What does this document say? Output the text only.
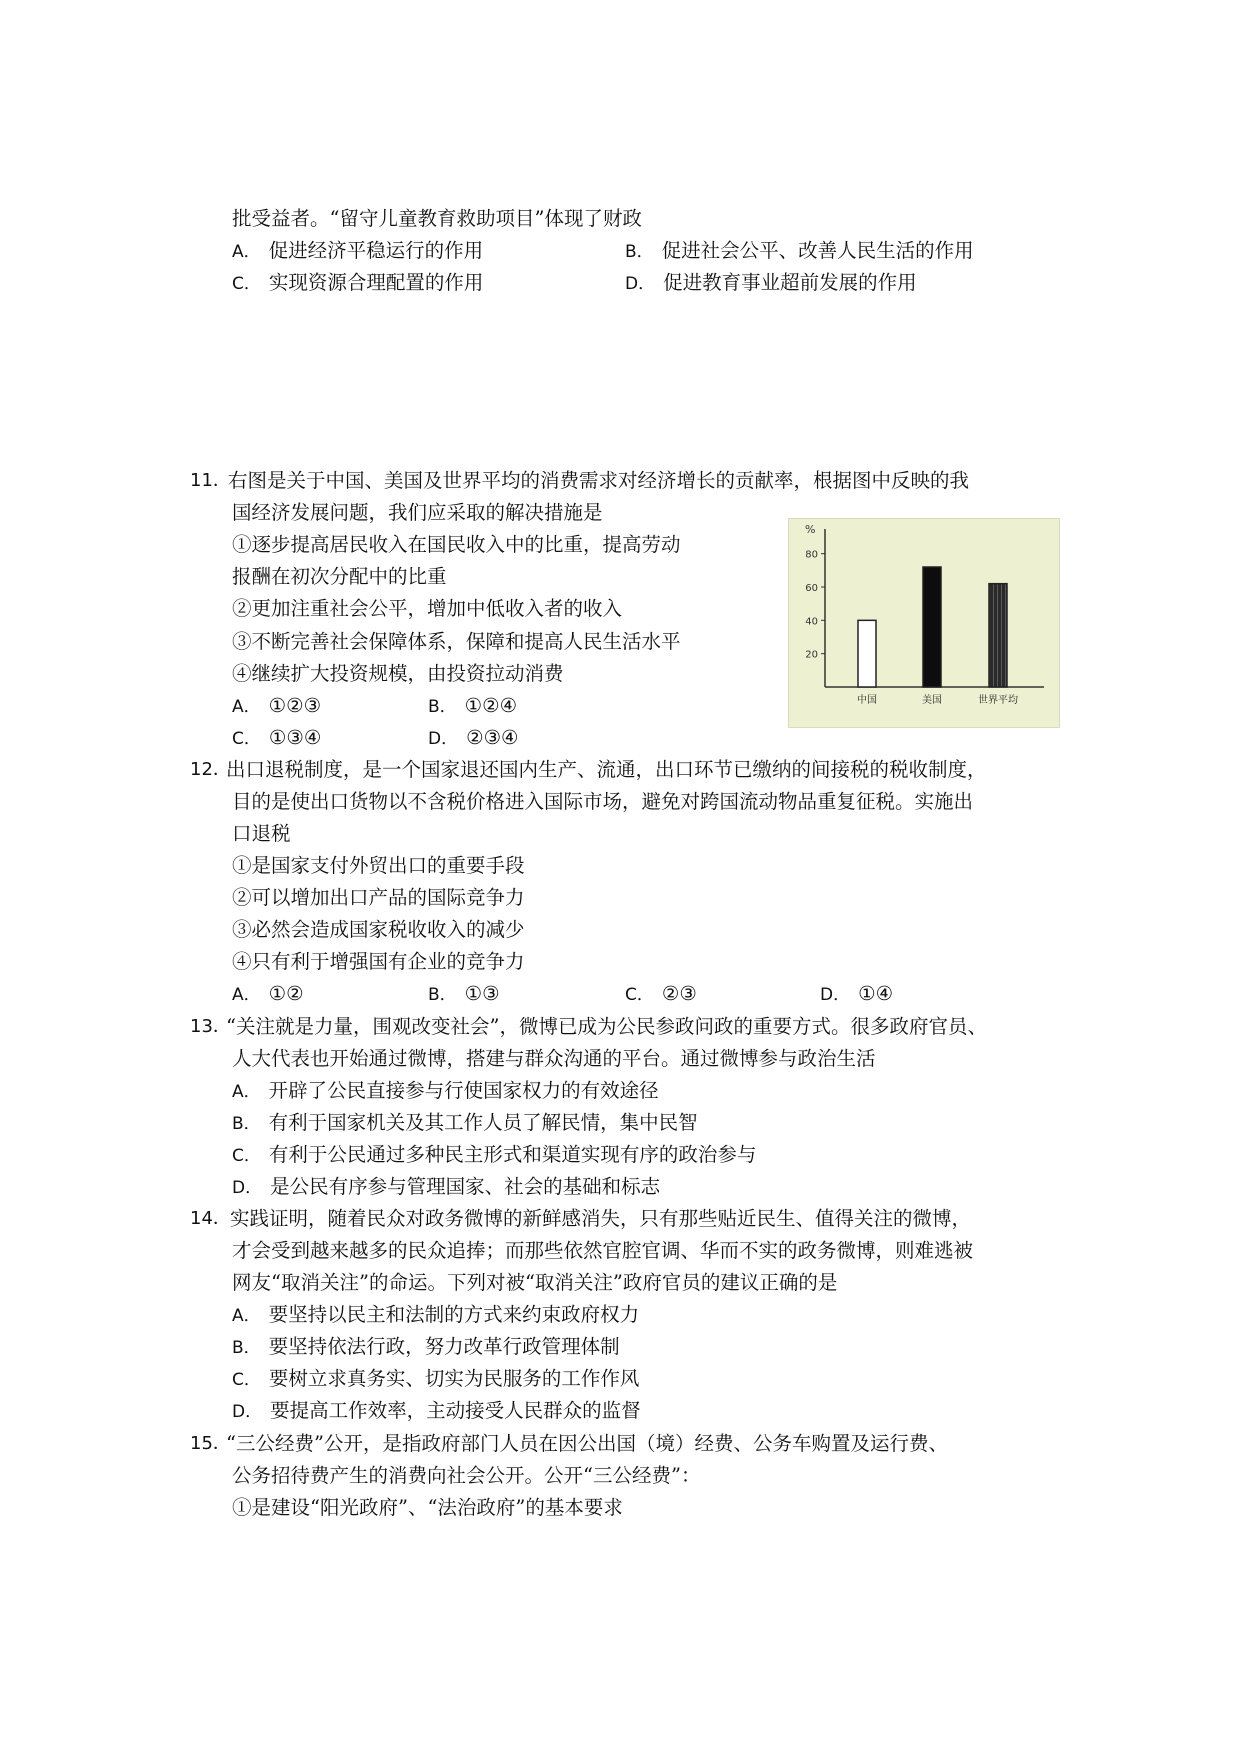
批受益者。“留守儿童教育救助项目”体现了财政
A． 促进经济平稳运行的作用	B． 促进社会公平、改善人民生活的作用
C． 实现资源合理配置的作用	D． 促进教育事业超前发展的作用
11．
右图是关于中国、美国及世界平均的消费需求对经济增长的贡献率，根据图中反映的我
国经济发展问题，我们应采取的解决措施是
①逐步提高居民收入在国民收入中的比重，提高劳动
报酬在初次分配中的比重
②更加注重社会公平，增加中低收入者的收入
③不断完善社会保障体系，保障和提高人民生活水平
④继续扩大投资规模，由投资拉动消费
A． ①②③	B． ①②④
C． ①③④	D． ②③④
%
20
40
60
80
中国	美国	世界平均
12．
出口退税制度，是一个国家退还国内生产、流通，出口环节已缴纳的间接税的税收制度，
目的是使出口货物以不含税价格进入国际市场，避免对跨国流动物品重复征税。实施出
口退税
①是国家支付外贸出口的重要手段
②可以增加出口产品的国际竞争力
③必然会造成国家税收收入的减少
④只有利于增强国有企业的竞争力
A． ①②	B． ①③	C． ②③	D． ①④
13．
“关注就是力量，围观改变社会”，微博已成为公民参政问政的重要方式。很多政府官员、
人大代表也开始通过微博，搭建与群众沟通的平台。通过微博参与政治生活
A． 开辟了公民直接参与行使国家权力的有效途径
B． 有利于国家机关及其工作人员了解民情，集中民智
C． 有利于公民通过多种民主形式和渠道实现有序的政治参与
D． 是公民有序参与管理国家、社会的基础和标志
14． 实践证明，随着民众对政务微博的新鲜感消失，只有那些贴近民生、值得关注的微博，
才会受到越来越多的民众追捧；而那些依然官腔官调、华而不实的政务微博，则难逃被
网友“取消关注”的命运。下列对被“取消关注”政府官员的建议正确的是
A． 要坚持以民主和法制的方式来约束政府权力
B． 要坚持依法行政，努力改革行政管理体制
C． 要树立求真务实、切实为民服务的工作作风
D． 要提高工作效率，主动接受人民群众的监督
15．
“三公经费”公开，是指政府部门人员在因公出国（境）经费、公务车购置及运行费、
公务招待费产生的消费向社会公开。公开“三公经费”：
①是建设“阳光政府”、“法治政府”的基本要求
